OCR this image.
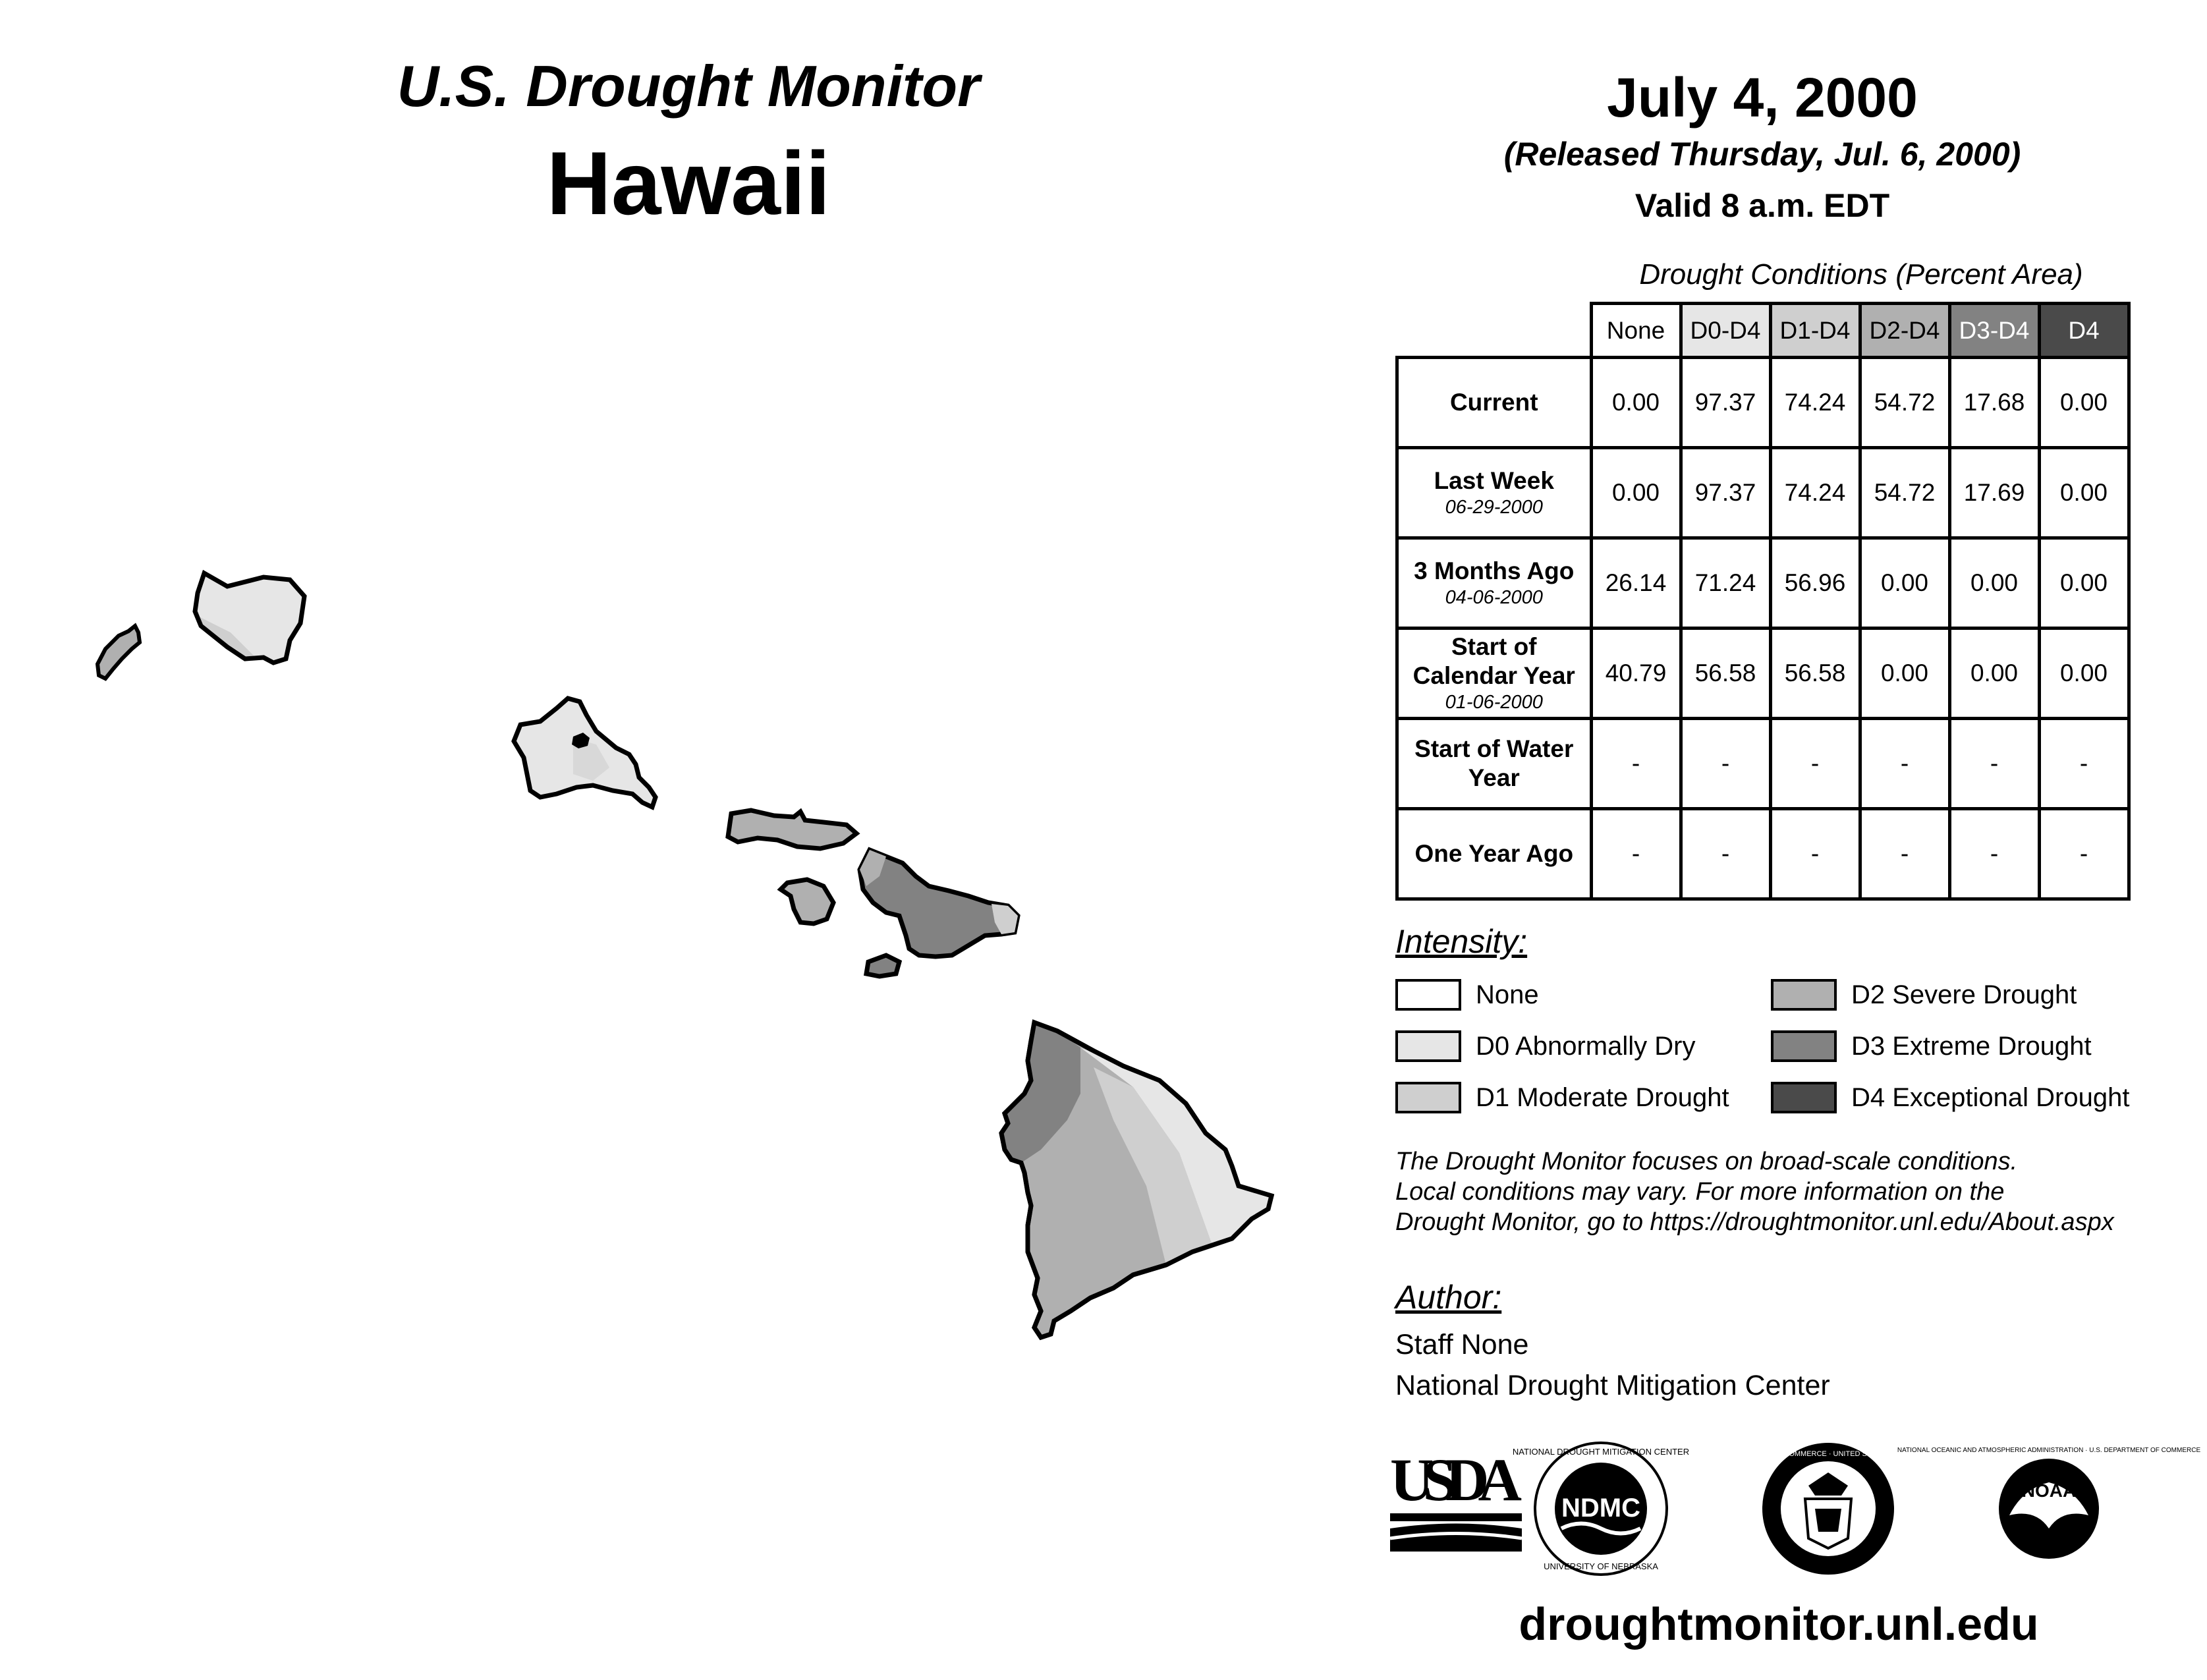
U.S. Drought Monitor
Hawaii
July 4, 2000
(Released Thursday, Jul. 6, 2000)
Valid 8 a.m. EDT
Drought Conditions (Percent Area)
	None	D0-D4	D1-D4	D2-D4	D3-D4	D4

Current	0.00	97.37	74.24	54.72	17.68	0.00

Last Week
06-29-2000	0.00	97.37	74.24	54.72	17.69	0.00

3 Months Ago
04-06-2000	26.14	71.24	56.96	0.00	0.00	0.00

Start of Calendar Year
01-06-2000	40.79	56.58	56.58	0.00	0.00	0.00

Start of Water Year	-	-	-	-	-	-

One Year Ago	-	-	-	-	-	-
Intensity:
None
D0 Abnormally Dry
D1 Moderate Drought
D2 Severe Drought
D3 Extreme Drought
D4 Exceptional Drought
The Drought Monitor focuses on broad-scale conditions.
Local conditions may vary. For more information on the
Drought Monitor, go to https://droughtmonitor.unl.edu/About.aspx
Author:
Staff None
National Drought Mitigation Center
USDA
NATIONAL DROUGHT MITIGATION CENTER
NDMC
UNIVERSITY OF NEBRASKA
DEPARTMENT OF COMMERCE · UNITED STATES OF AMERICA
NATIONAL OCEANIC AND ATMOSPHERIC ADMINISTRATION · U.S. DEPARTMENT OF COMMERCE
NOAA
droughtmonitor.unl.edu
